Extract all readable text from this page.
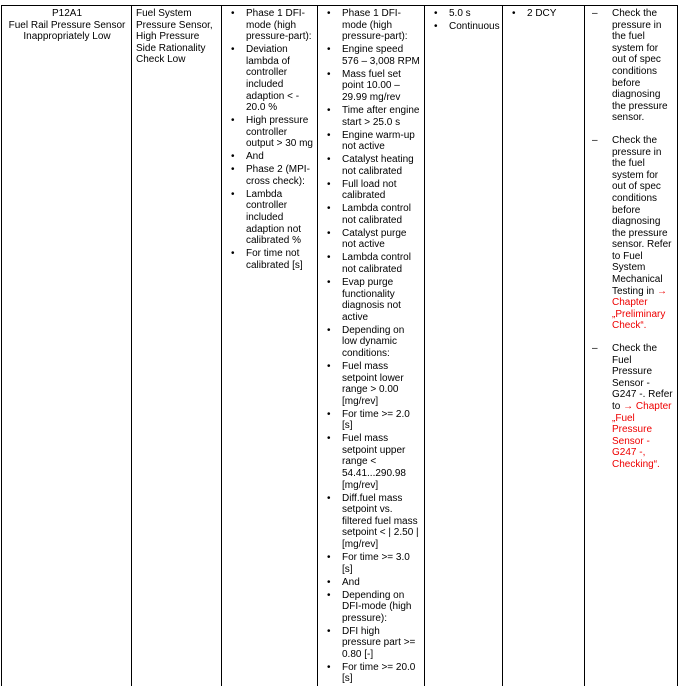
P12A1
Fuel Rail Pressure Sensor Inappropriately Low

Fuel System Pressure Sensor, High Pressure Side Rationality Check Low

• Phase 1 DFI-mode (high pressure-part):
• Deviation lambda of controller included adaption < - 20.0 %
• High pressure controller output > 30 mg
• And
• Phase 2 (MPI-cross check):
• Lambda controller included adaption not calibrated %
• For time not calibrated [s]

• Phase 1 DFI-mode (high pressure-part):
• Engine speed 576 – 3,008 RPM
• Mass fuel set point 10.00 – 29.99 mg/rev
• Time after engine start > 25.0 s
• Engine warm-up not active
• Catalyst heating not calibrated
• Full load not calibrated
• Lambda control not calibrated
• Catalyst purge not active
• Lambda control not calibrated
• Evap purge functionality diagnosis not active
• Depending on low dynamic conditions:
• Fuel mass setpoint lower range > 0.00 [mg/rev]
• For time >= 2.0 [s]
• Fuel mass setpoint upper range < 54.41...290.98 [mg/rev]
• Diff.fuel mass setpoint vs. filtered fuel mass setpoint < | 2.50 | [mg/rev]
• For time >= 3.0 [s]
• And
• Depending on DFI-mode (high pressure):
• DFI high pressure part >= 0.80 [-]
• For time >= 20.0 [s]

• 5.0 s
• Continuous

• 2 DCY

–Check the pressure in the fuel system for out of spec conditions before diagnosing the pressure sensor.
– Check the pressure in the fuel system for out of spec conditions before diagnosing the pressure sensor. Refer to Fuel System Mechanical Testing in → Chapter „Preliminary Check“.
– Check the Fuel Pressure Sensor -G247 -. Refer to → Chapter „Fuel Pressure Sensor -G247 -, Checking“.
